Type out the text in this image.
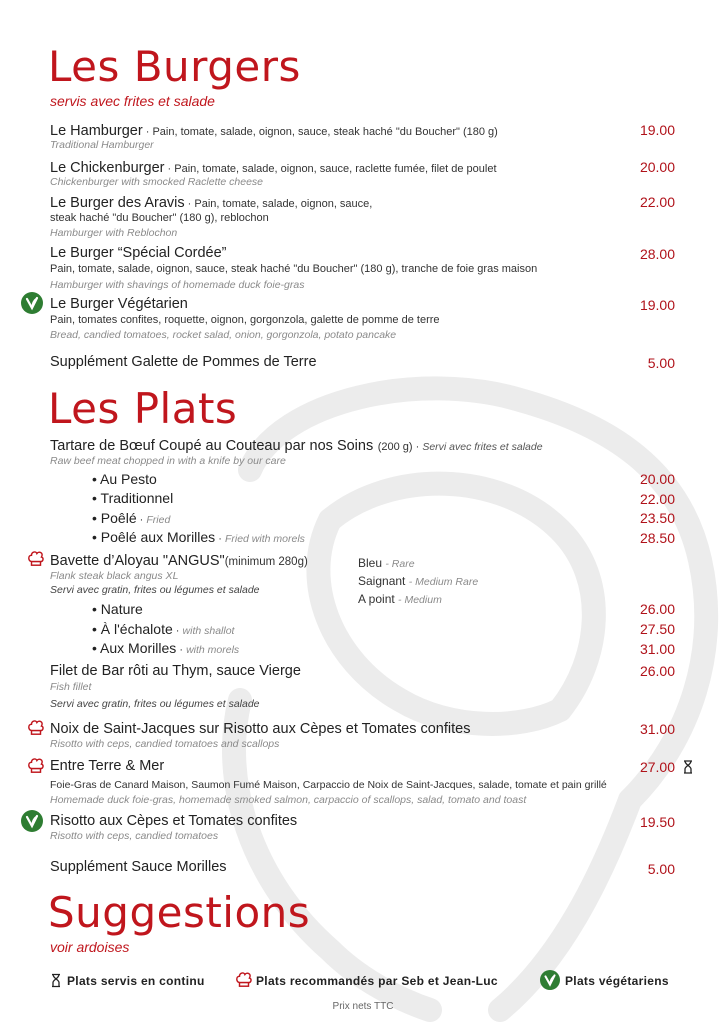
Les Burgers
servis avec frites et salade
Le Hamburger · Pain, tomate, salade, oignon, sauce, steak haché "du Boucher" (180 g)
Traditional Hamburger
19.00
Le Chickenburger · Pain, tomate, salade, oignon, sauce, raclette fumée, filet de poulet
Chickenburger with smocked Raclette cheese
20.00
Le Burger des Aravis · Pain, tomate, salade, oignon, sauce,
steak haché "du Boucher" (180 g), reblochon
Hamburger with Reblochon
22.00
Le Burger “Spécial Cordée”
Pain, tomate, salade, oignon, sauce, steak haché "du Boucher" (180 g), tranche de foie gras maison
Hamburger with shavings of homemade duck foie-gras
28.00
Le Burger Végétarien
Pain, tomates confites, roquette, oignon, gorgonzola, galette de pomme de terre
Bread, candied tomatoes, rocket salad, onion, gorgonzola, potato pancake
19.00
Supplément Galette de Pommes de Terre	5.00
Les Plats
Tartare de Bœuf Coupé au Couteau par nos Soins (200 g) · Servi avec frites et salade
Raw beef meat chopped in with a knife by our care
• Au Pesto	20.00
• Traditionnel	22.00
• Poêlé · Fried	23.50
• Poêlé aux Morilles · Fried with morels	28.50
Bavette d’Aloyau "ANGUS"(minimum 280g)
Flank steak black angus XL
Servi avec gratin, frites ou légumes et salade
Bleu - Rare
Saignant - Medium Rare
A point - Medium
• Nature	26.00
• À l'échalote · with shallot	27.50
• Aux Morilles · with morels	31.00
Filet de Bar rôti au Thym, sauce Vierge
Fish fillet
Servi avec gratin, frites ou légumes et salade
26.00
Noix de Saint-Jacques sur Risotto aux Cèpes et Tomates confites
Risotto with ceps, candied tomatoes and scallops
31.00
Entre Terre & Mer
Foie-Gras de Canard Maison, Saumon Fumé Maison, Carpaccio de Noix de Saint-Jacques, salade, tomate et pain grillé
Homemade duck foie-gras, homemade smoked salmon, carpaccio of scallops, salad, tomato and toast
27.00
Risotto aux Cèpes et Tomates confites
Risotto with ceps, candied tomatoes
19.50
Supplément Sauce Morilles	5.00
Suggestions
voir ardoises
Plats servis en continu	Plats recommandés par Seb et Jean-Luc	Plats végétariens
Prix nets TTC
